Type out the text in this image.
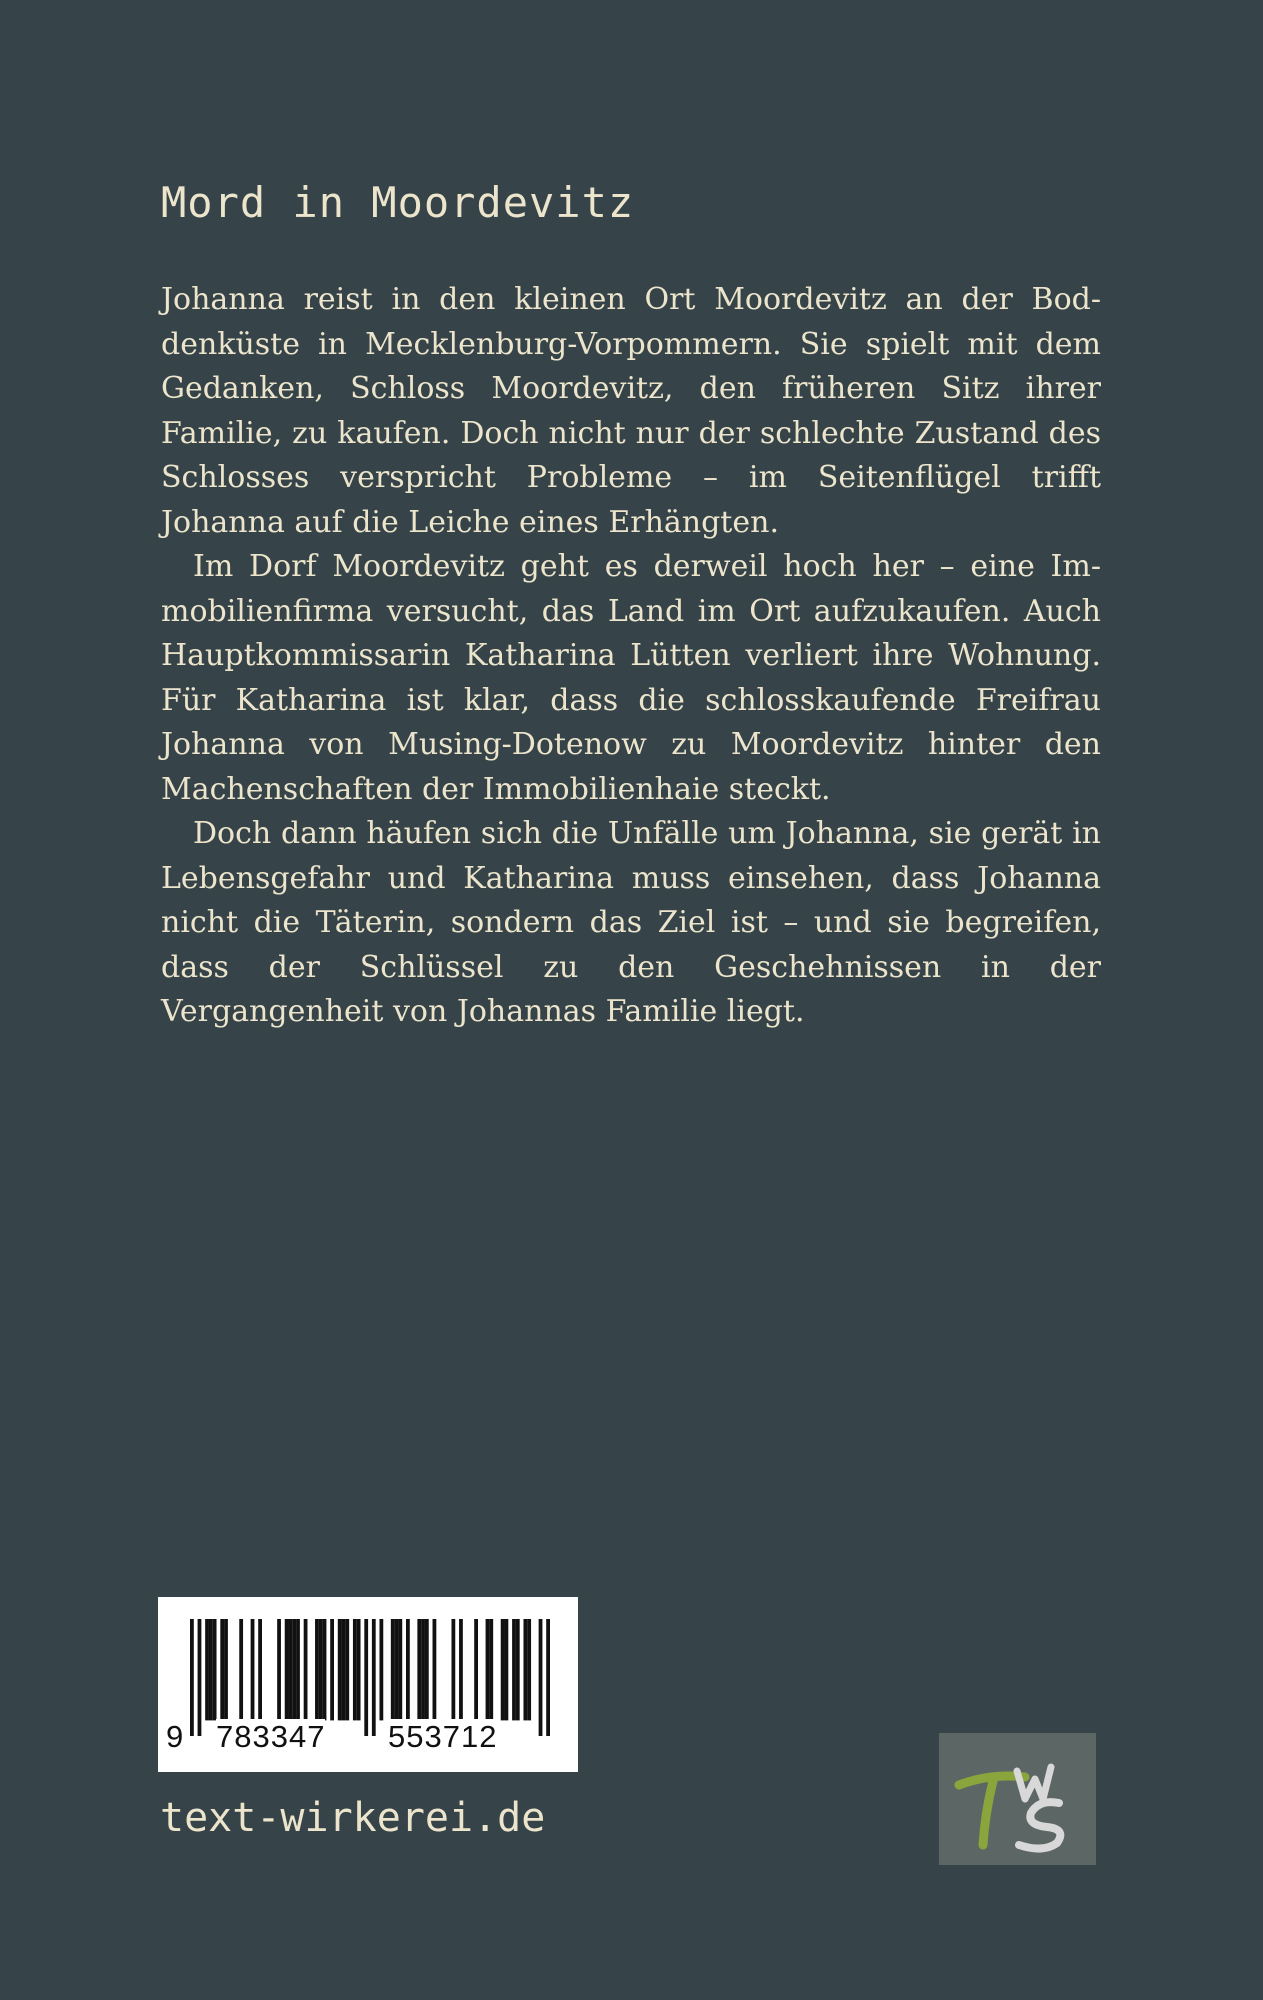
Mord in Moordevitz

Johanna reist in den kleinen Ort Moordevitz an der Boddenküste in Mecklenburg-Vorpommern. Sie spielt mit dem Gedanken, Schloss Moordevitz, den früheren Sitz ihrer Familie, zu kaufen. Doch nicht nur der schlechte Zustand des Schlosses verspricht Probleme – im Seitenflügel trifft Johanna auf die Leiche eines Erhängten.

Im Dorf Moordevitz geht es derweil hoch her – eine Immobilienfirma versucht, das Land im Ort aufzukaufen. Auch Hauptkommissarin Katharina Lütten verliert ihre Wohnung. Für Katharina ist klar, dass die schlosskaufende Freifrau Johanna von Musing-Dotenow zu Moordevitz hinter den Machenschaften der Immobilienhaie steckt.

Doch dann häufen sich die Unfälle um Johanna, sie gerät in Lebensgefahr und Katharina muss einsehen, dass Johanna nicht die Täterin, sondern das Ziel ist – und sie begreifen, dass der Schlüssel zu den Geschehnissen in der Vergangenheit von Johannas Familie liegt.

9 783347 553712
text-wirkerei.de
